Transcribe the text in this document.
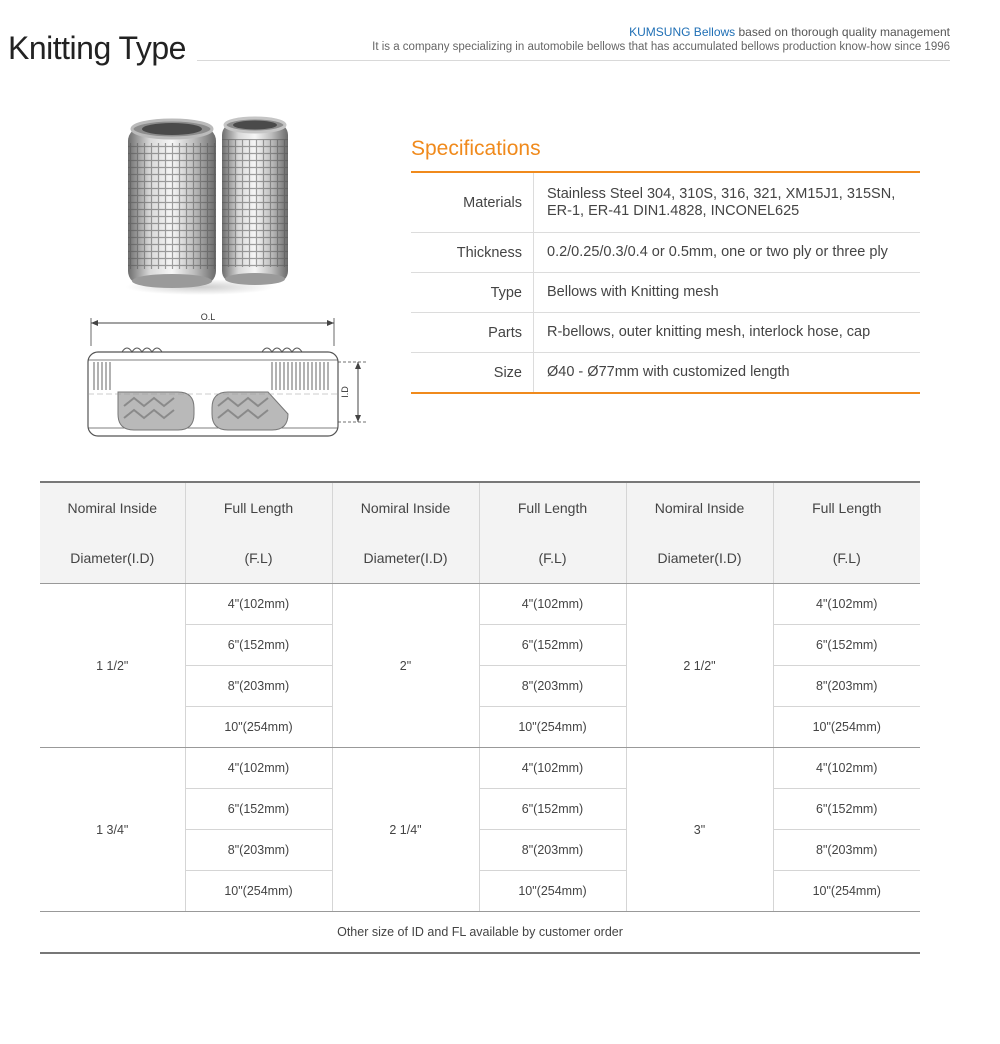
Knitting Type	KUMSUNG Bellows based on thorough quality management
It is a company specializing in automobile bellows that has accumulated bellows production know-how since 1996
O.L
I.D
Specifications
Materials	Stainless Steel 304, 310S, 316, 321, XM15J1, 315SN,
ER-1, ER-41 DIN1.4828, INCONEL625

Thickness	0.2/0.25/0.3/0.4 or 0.5mm, one or two ply or three ply
Type	Bellows with Knitting mesh
Parts	R-bellows, outer knitting mesh, interlock hose, cap
Size	Ø40 - Ø77mm with customized length
Nomiral Inside	Full Length	Nomiral Inside	Full Length	Nomiral Inside	Full Length
Diameter(I.D)	(F.L)	Diameter(I.D)	(F.L)	Diameter(I.D)	(F.L)
1 1/2"	4"(102mm)	2"	4"(102mm)	2 1/2"	4"(102mm)
	6"(152mm)		6"(152mm)		6"(152mm)
	8"(203mm)		8"(203mm)		8"(203mm)
	10"(254mm)		10"(254mm)		10"(254mm)
1 3/4"	4"(102mm)	2 1/4"	4"(102mm)	3"	4"(102mm)
	6"(152mm)		6"(152mm)		6"(152mm)
	8"(203mm)		8"(203mm)		8"(203mm)
	10"(254mm)		10"(254mm)		10"(254mm)
Other size of ID and FL available by customer order					
